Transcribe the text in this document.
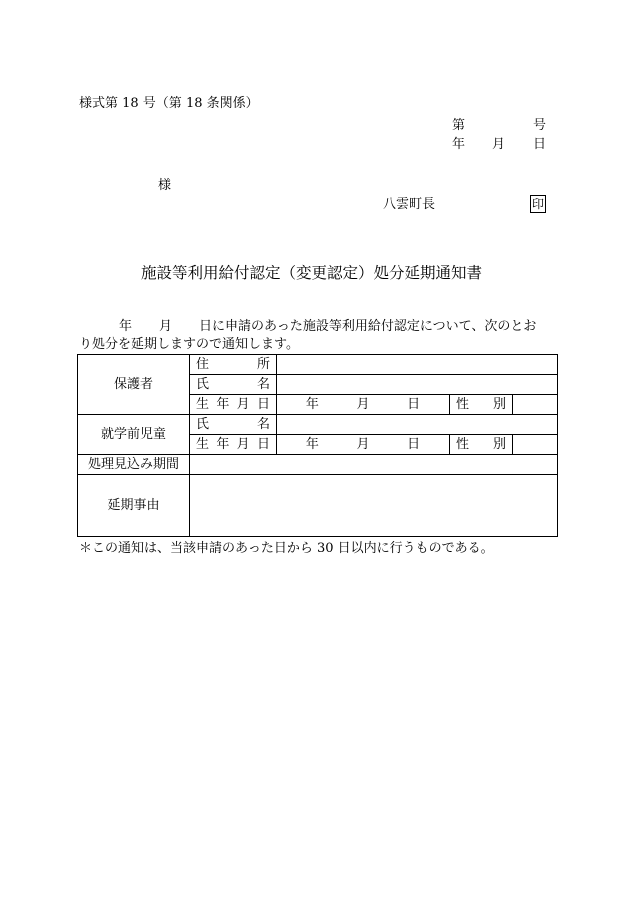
様式第 18 号（第 18 条関係）
第	号
年 月 日
様
八雲町長	印
施設等利用給付認定（変更認定）処分延期通知書
年 月 日に申請のあった施設等利用給付認定について、次のとお
り処分を延期しますので通知します。
保護者	住 所			

	氏 名			

	生 年 月 日	年 月 日	性 別	

就学前児童	氏 名			

	生 年 月 日	年 月 日	性 別	

処理見込み期間				
延期事由				
＊この通知は、当該申請のあった日から 30 日以内に行うものである。
